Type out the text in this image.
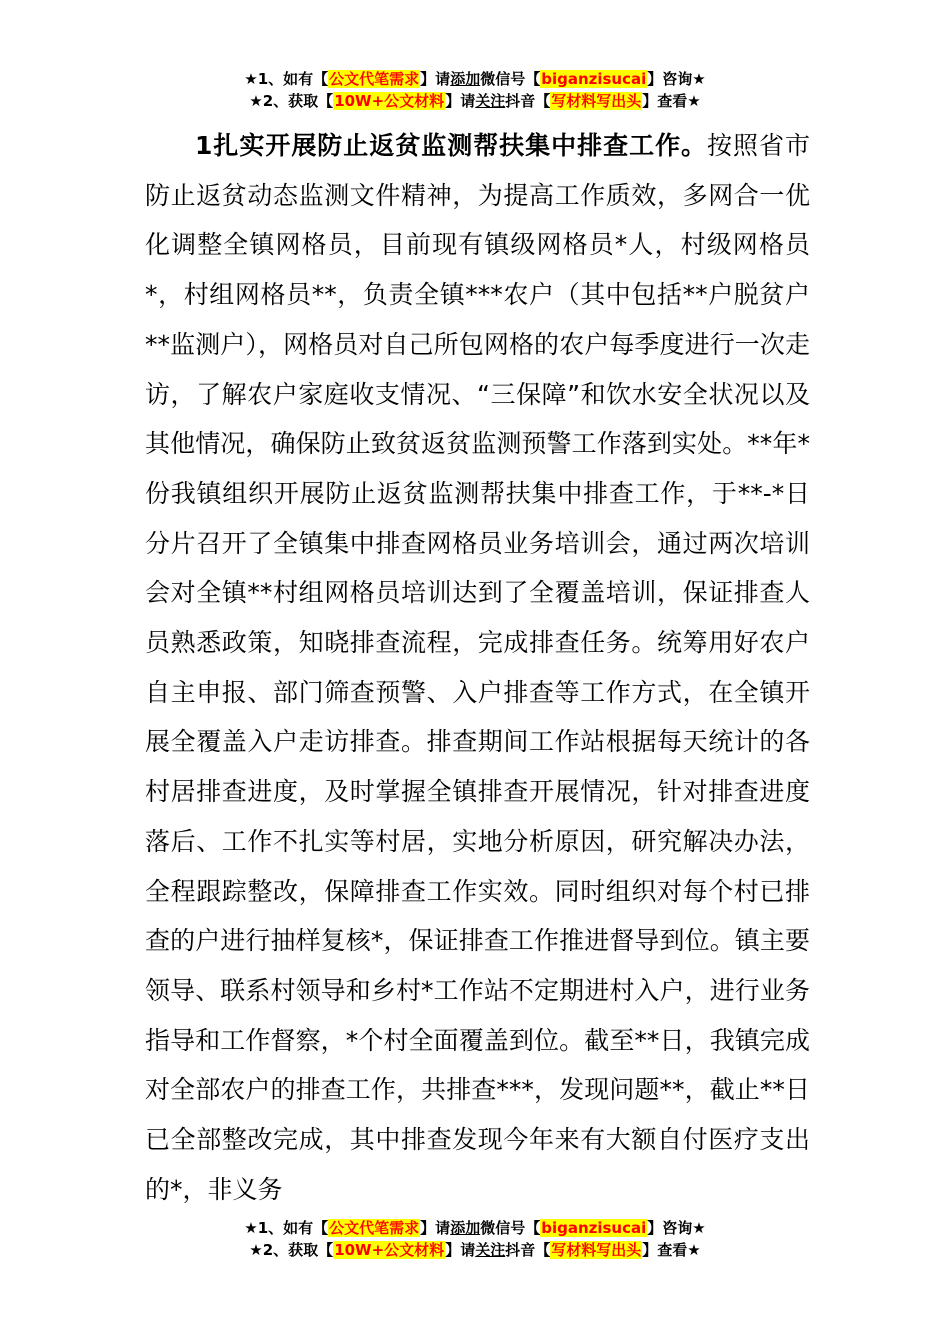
★1、如有【公文代笔需求】请添加微信号【biganzisucai】咨询★
★2、获取【10W+公文材料】请关注抖音【写材料写出头】查看★

1扎实开展防止返贫监测帮扶集中排查工作。按照省市防止返贫动态监测文件精神，为提高工作质效，多网合一优化调整全镇网格员，目前现有镇级网格员*人，村级网格员*，村组网格员**，负责全镇***农户（其中包括**户脱贫户**监测户），网格员对自己所包网格的农户每季度进行一次走访，了解农户家庭收支情况、“三保障”和饮水安全状况以及其他情况，确保防止致贫返贫监测预警工作落到实处。**年*份我镇组织开展防止返贫监测帮扶集中排查工作，于**-*日分片召开了全镇集中排查网格员业务培训会，通过两次培训会对全镇**村组网格员培训达到了全覆盖培训，保证排查人员熟悉政策，知晓排查流程，完成排查任务。统筹用好农户自主申报、部门筛查预警、入户排查等工作方式，在全镇开展全覆盖入户走访排查。排查期间工作站根据每天统计的各村居排查进度，及时掌握全镇排查开展情况，针对排查进度落后、工作不扎实等村居，实地分析原因，研究解决办法，全程跟踪整改，保障排查工作实效。同时组织对每个村已排查的户进行抽样复核*，保证排查工作推进督导到位。镇主要领导、联系村领导和乡村*工作站不定期进村入户，进行业务指导和工作督察，*个村全面覆盖到位。截至**日，我镇完成对全部农户的排查工作，共排查***，发现问题**，截止**日已全部整改完成，其中排查发现今年来有大额自付医疗支出的*，非义务

★1、如有【公文代笔需求】请添加微信号【biganzisucai】咨询★
★2、获取【10W+公文材料】请关注抖音【写材料写出头】查看★
